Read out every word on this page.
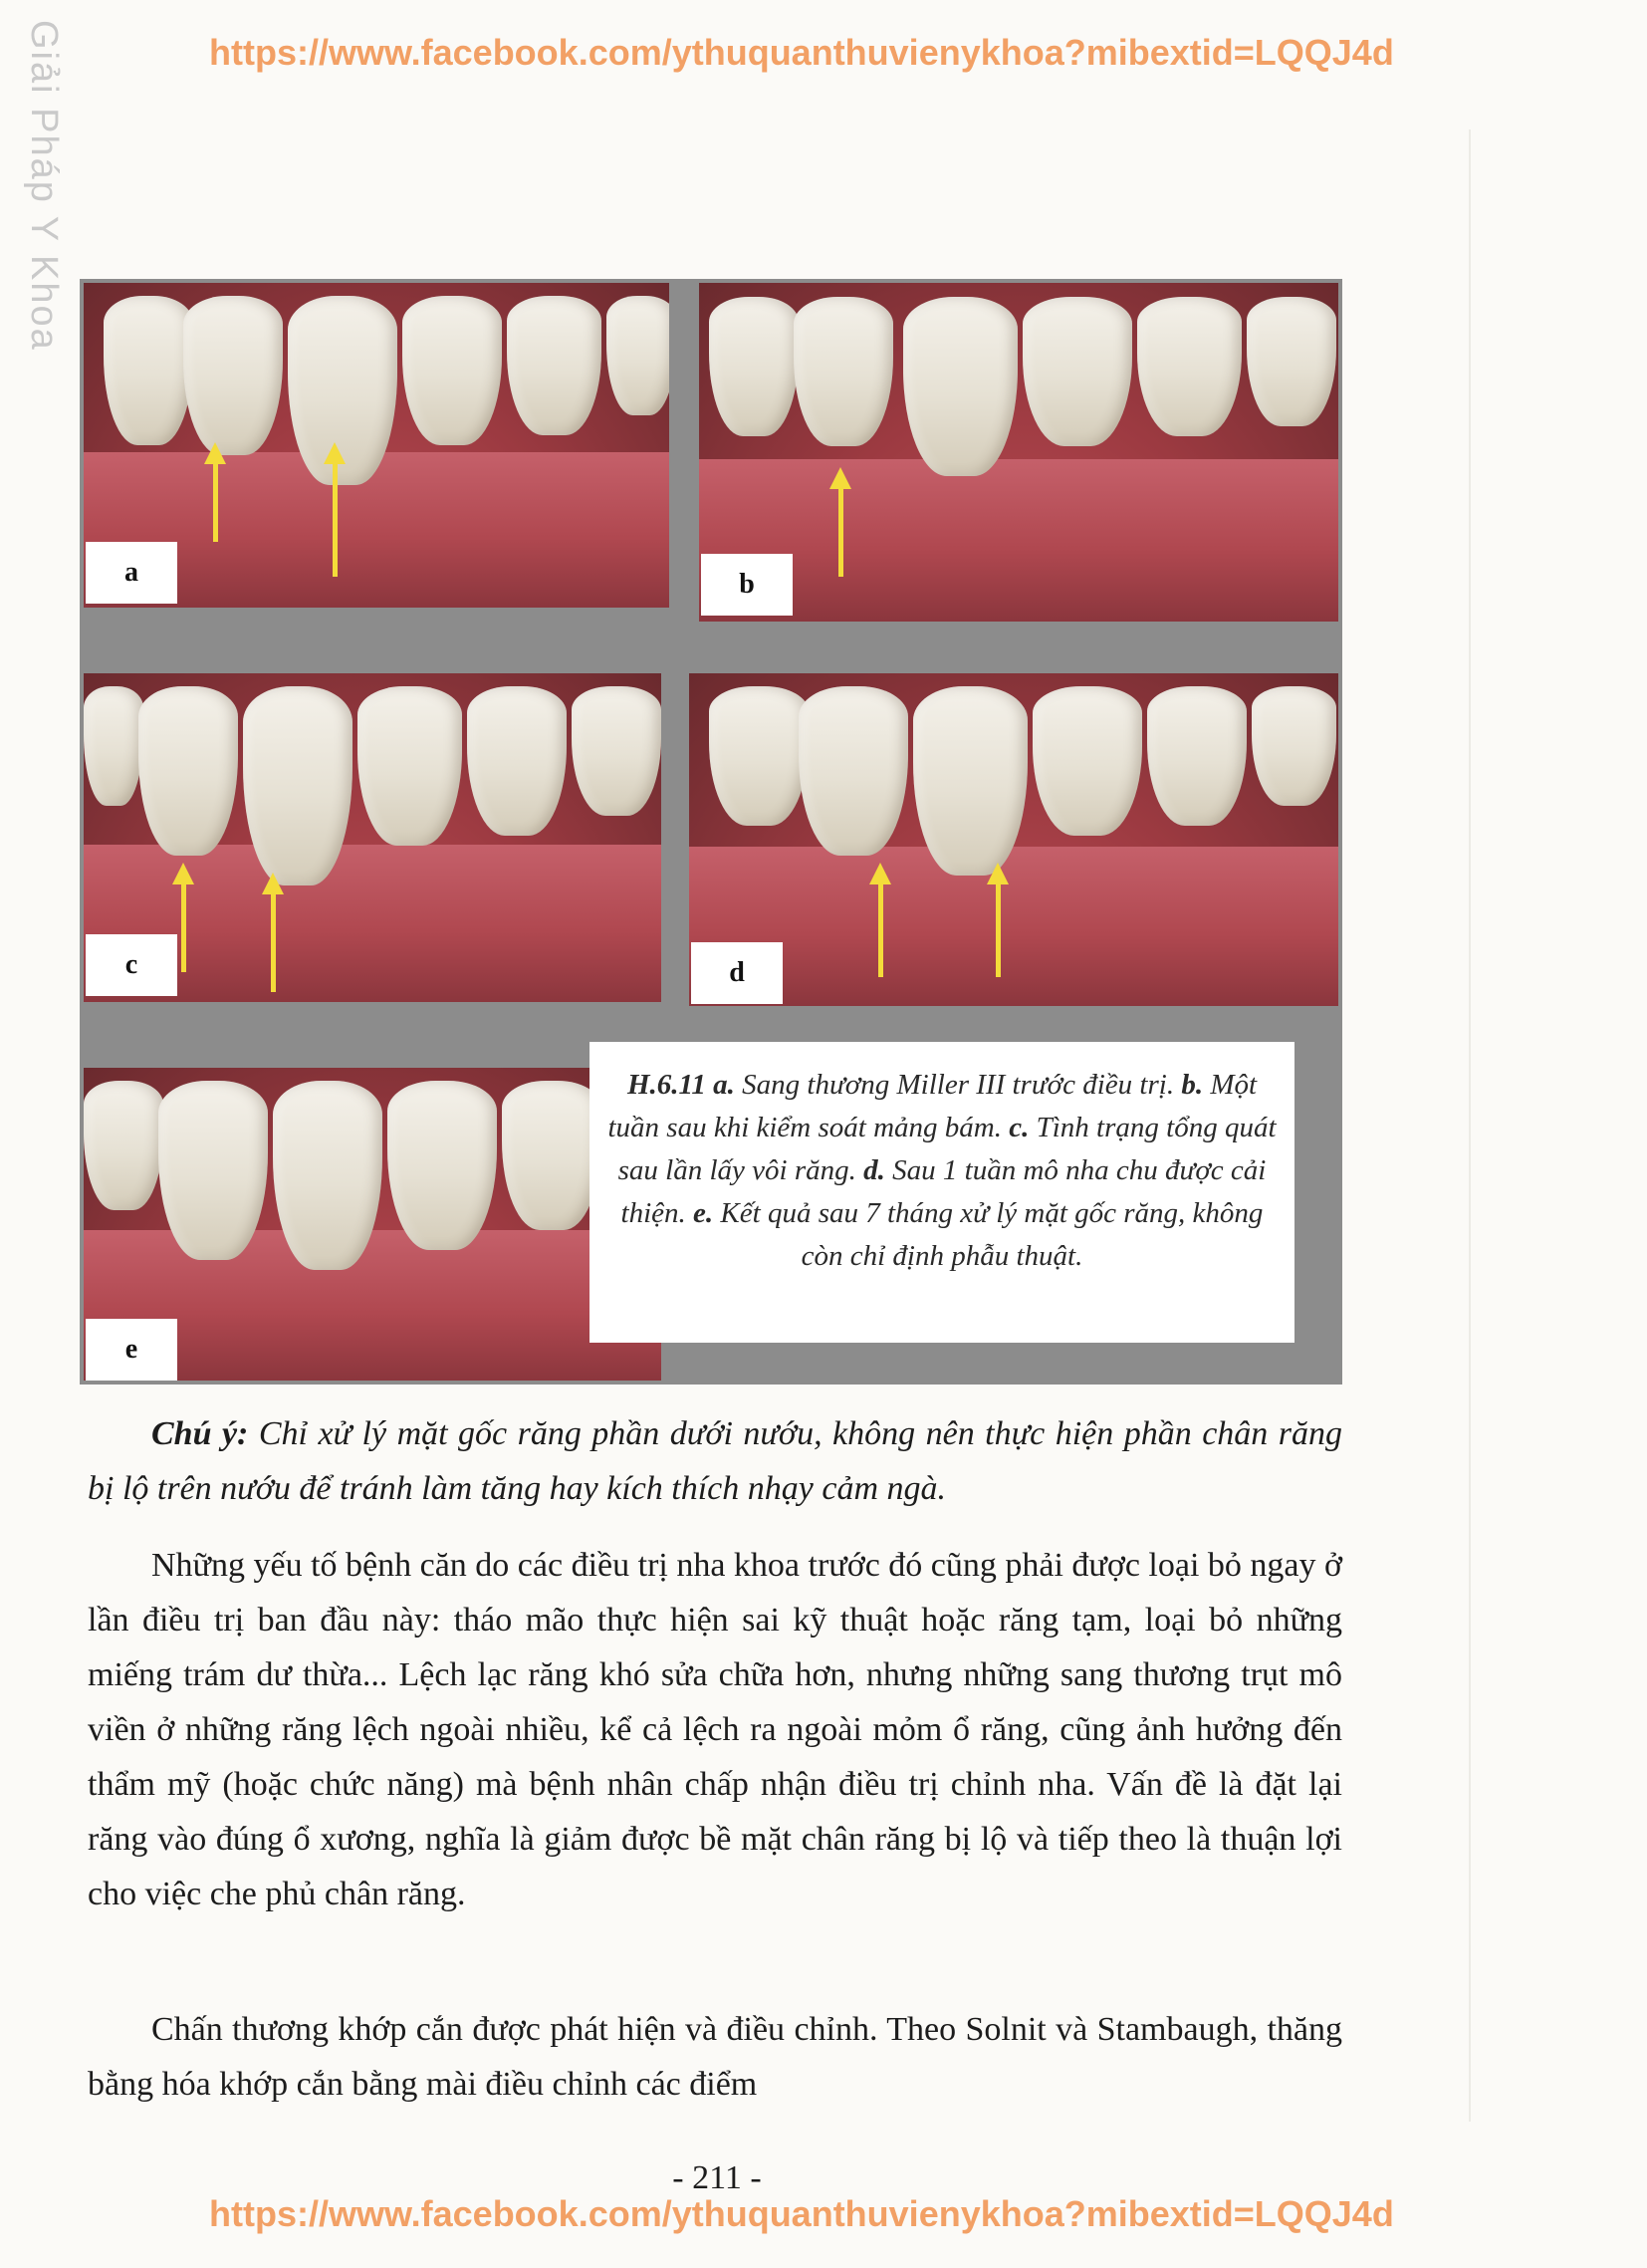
Giải Pháp Y Khoa	https://www.facebook.com/ythuquanthuvienykhoa?mibextid=LQQJ4d
a	b
c	d
e
H.6.11 a. Sang thương Miller III trước điều trị. b. Một tuần sau khi kiểm soát mảng bám. c. Tình trạng tổng quát sau lần lấy vôi răng. d. Sau 1 tuần mô nha chu được cải thiện. e. Kết quả sau 7 tháng xử lý mặt gốc răng, không còn chỉ định phẫu thuật.
Chú ý: Chỉ xử lý mặt gốc răng phần dưới nướu, không nên thực hiện phần chân răng bị lộ trên nướu để tránh làm tăng hay kích thích nhạy cảm ngà.

Những yếu tố bệnh căn do các điều trị nha khoa trước đó cũng phải được loại bỏ ngay ở lần điều trị ban đầu này: tháo mão thực hiện sai kỹ thuật hoặc răng tạm, loại bỏ những miếng trám dư thừa... Lệch lạc răng khó sửa chữa hơn, nhưng những sang thương trụt mô viền ở những răng lệch ngoài nhiều, kể cả lệch ra ngoài mỏm ổ răng, cũng ảnh hưởng đến thẩm mỹ (hoặc chức năng) mà bệnh nhân chấp nhận điều trị chỉnh nha. Vấn đề là đặt lại răng vào đúng ổ xương, nghĩa là giảm được bề mặt chân răng bị lộ và tiếp theo là thuận lợi cho việc che phủ chân răng.

Chấn thương khớp cắn được phát hiện và điều chỉnh. Theo Solnit và Stambaugh, thăng bằng hóa khớp cắn bằng mài điều chỉnh các điểm

- 211 -
https://www.facebook.com/ythuquanthuvienykhoa?mibextid=LQQJ4d
